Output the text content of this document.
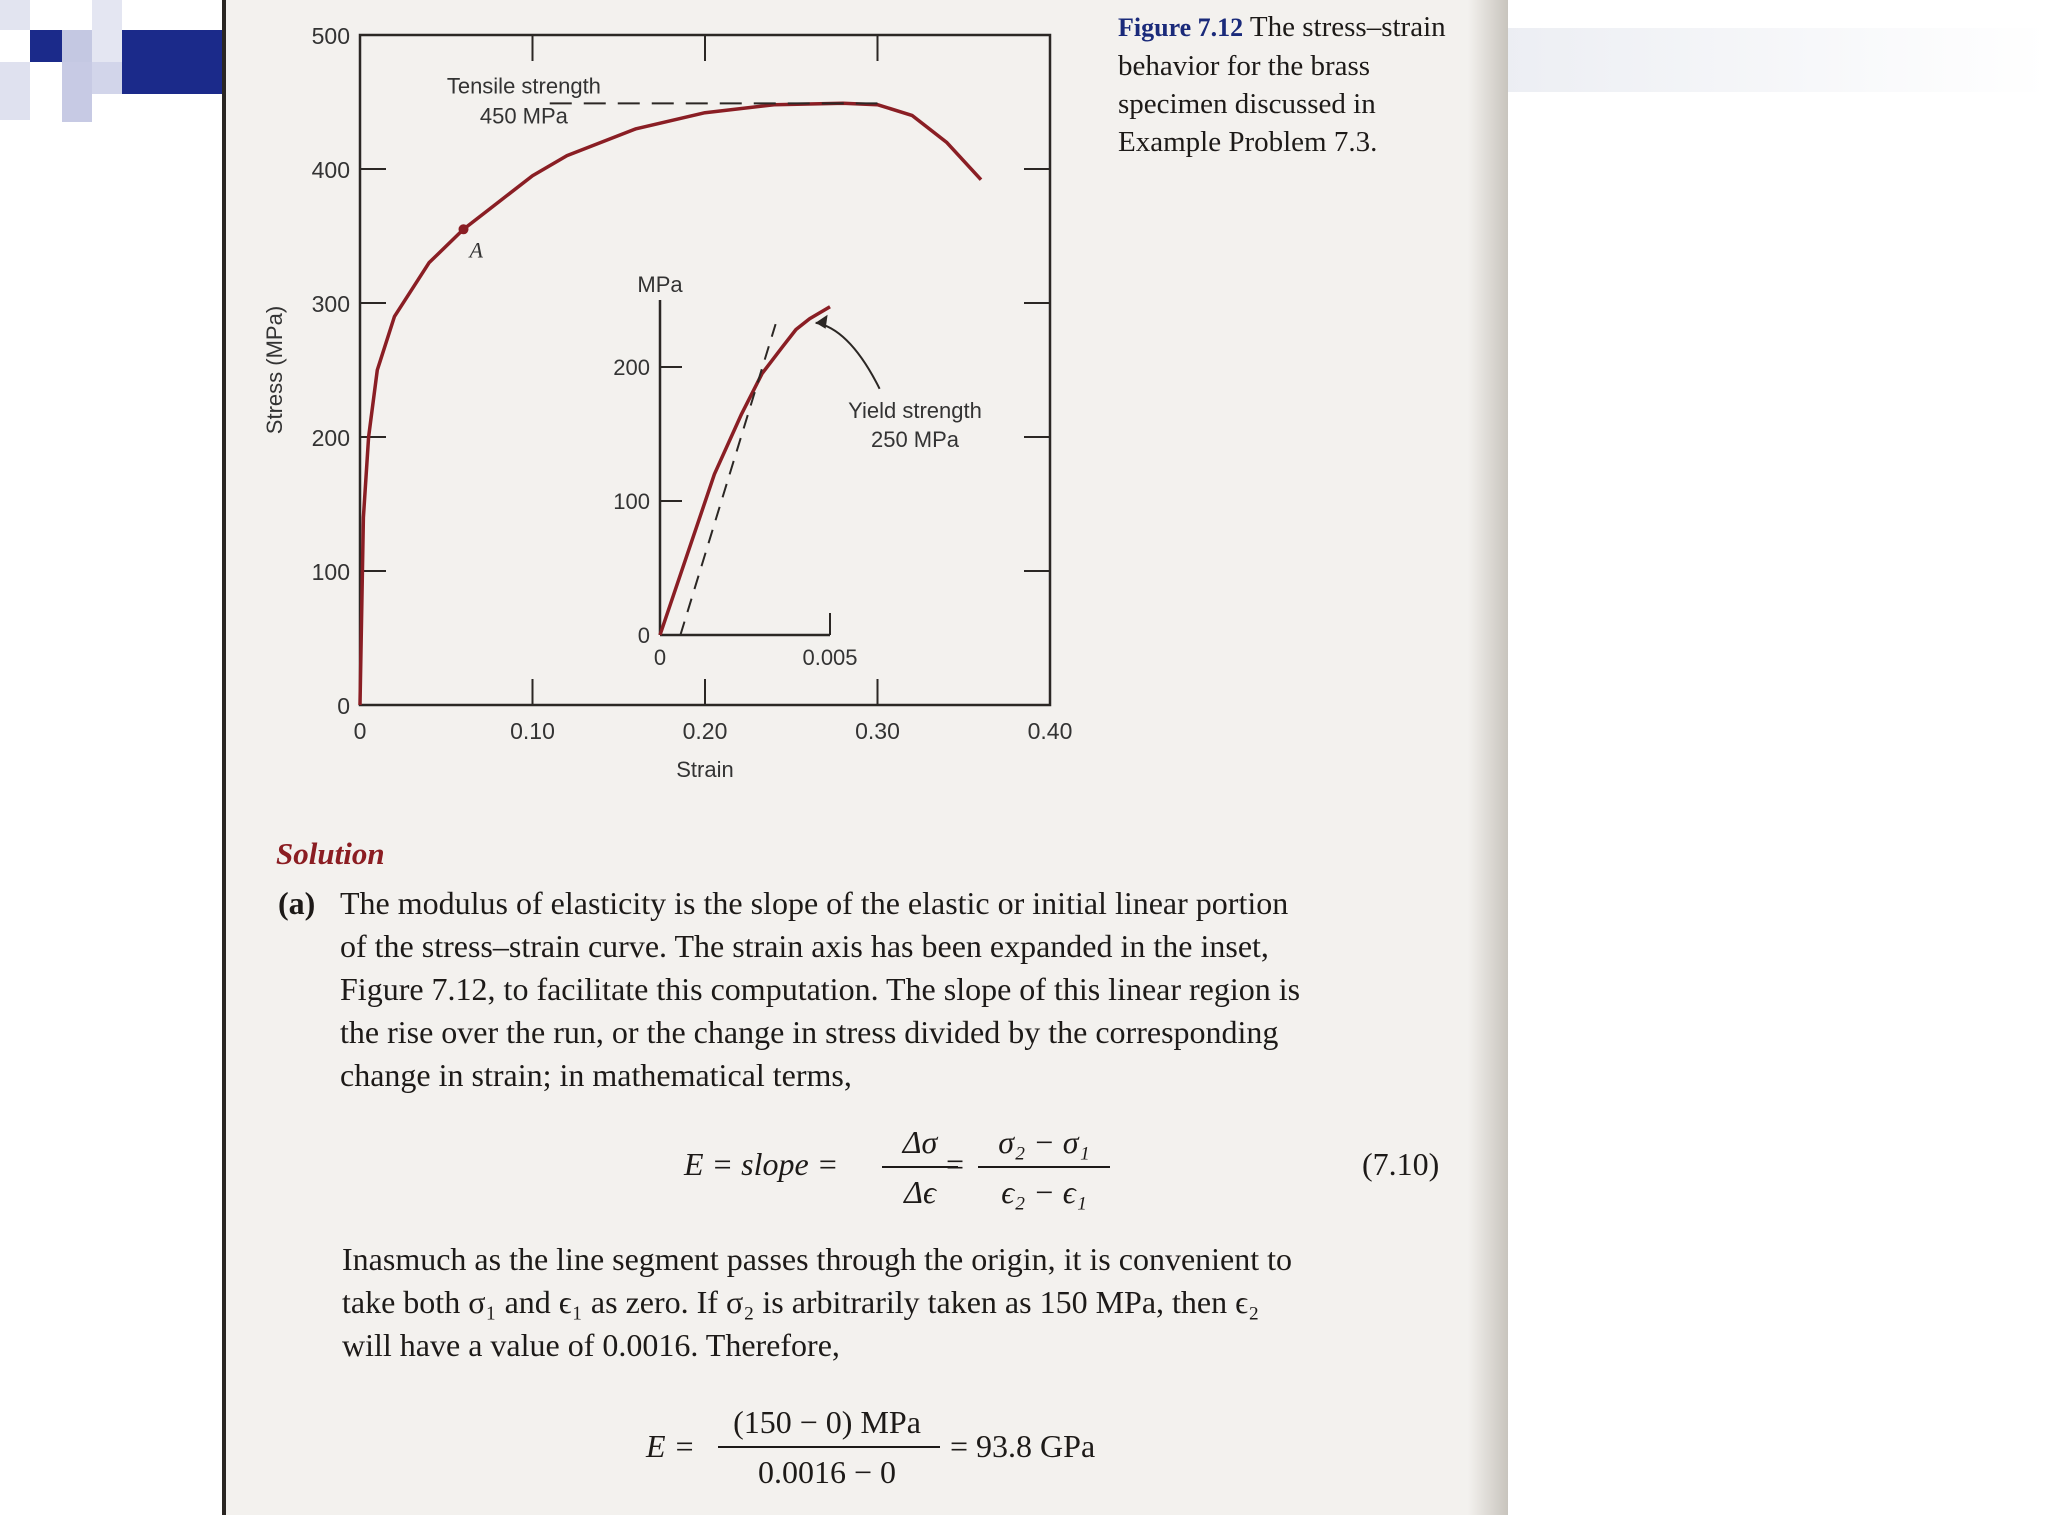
0
100
200
300
400
500
0	0.10	0.20	0.30	0.40
Strain
Stress (MPa)
Tensile strength
450 MPa
A
0
100
200
0	0.005
MPa
Yield strength
250 MPa
Figure 7.12 The stress–strain behavior for the brass specimen discussed in Example Problem 7.3.
Solution
(a) The modulus of elasticity is the slope of the elastic or initial linear portion
of the stress–strain curve. The strain axis has been expanded in the inset,
Figure 7.12, to facilitate this computation. The slope of this linear region is
the rise over the run, or the change in stress divided by the corresponding
change in strain; in mathematical terms,
E = slope =
Δσ
Δϵ
=
σ₂ − σ₁
ϵ₂ − ϵ₁
(7.10)
Inasmuch as the line segment passes through the origin, it is convenient to
take both σ₁ and ϵ₁ as zero. If σ₂ is arbitrarily taken as 150 MPa, then ϵ₂
will have a value of 0.0016. Therefore,
E =
(150 − 0) MPa
0.0016 − 0
= 93.8 GPa
